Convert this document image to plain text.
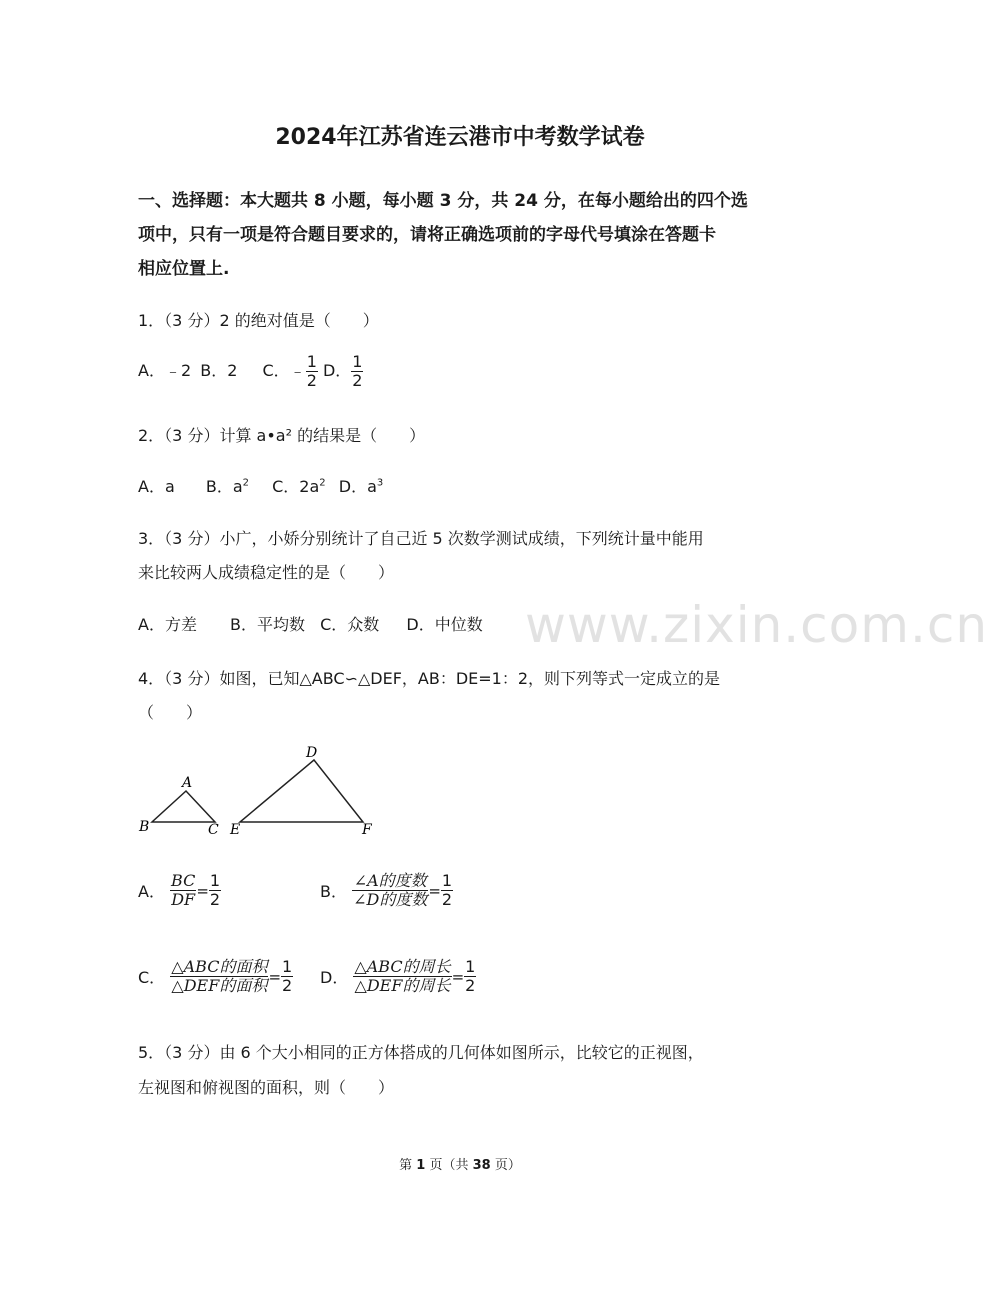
2024年江苏省连云港市中考数学试卷
一、选择题：本大题共 8 小题，每小题 3 分，共 24 分，在每小题给出的四个选
项中，只有一项是符合题目要求的，请将正确选项前的字母代号填涂在答题卡
相应位置上.
1．（3 分）2 的绝对值是（　　）
A．﹣2 B．2 C．﹣ $\frac{1}{2}$ D． $\frac{1}{2}$
2．（3 分）计算 a•a² 的结果是（　　）
A．a B．$a^2$ C．$2a^2$ D．$a^3$
3．（3 分）小广，小娇分别统计了自己近 5 次数学测试成绩，下列统计量中能用
来比较两人成绩稳定性的是（　　）
A．方差 B．平均数 C．众数 D．中位数 www.zixin.com.cn
4．（3 分）如图，已知△ABC∽△DEF，AB：DE=1：2，则下列等式一定成立的是
（　　）
A
B	C
D
E	F
A． $\frac{BC}{DF} = \frac{1}{2}$	B． $\frac{\text{∠A的度数}}{\text{∠D的度数}} = \frac{1}{2}$
C． $\frac{\text{△ABC的面积}}{\text{△DEF的面积}} = \frac{1}{2}$ D． $\frac{\text{△ABC的周长}}{\text{△DEF的周长}} = \frac{1}{2}$
5．（3 分）由 6 个大小相同的正方体搭成的几何体如图所示，比较它的正视图，
左视图和俯视图的面积，则（　　）
第 1 页（共 38 页）
